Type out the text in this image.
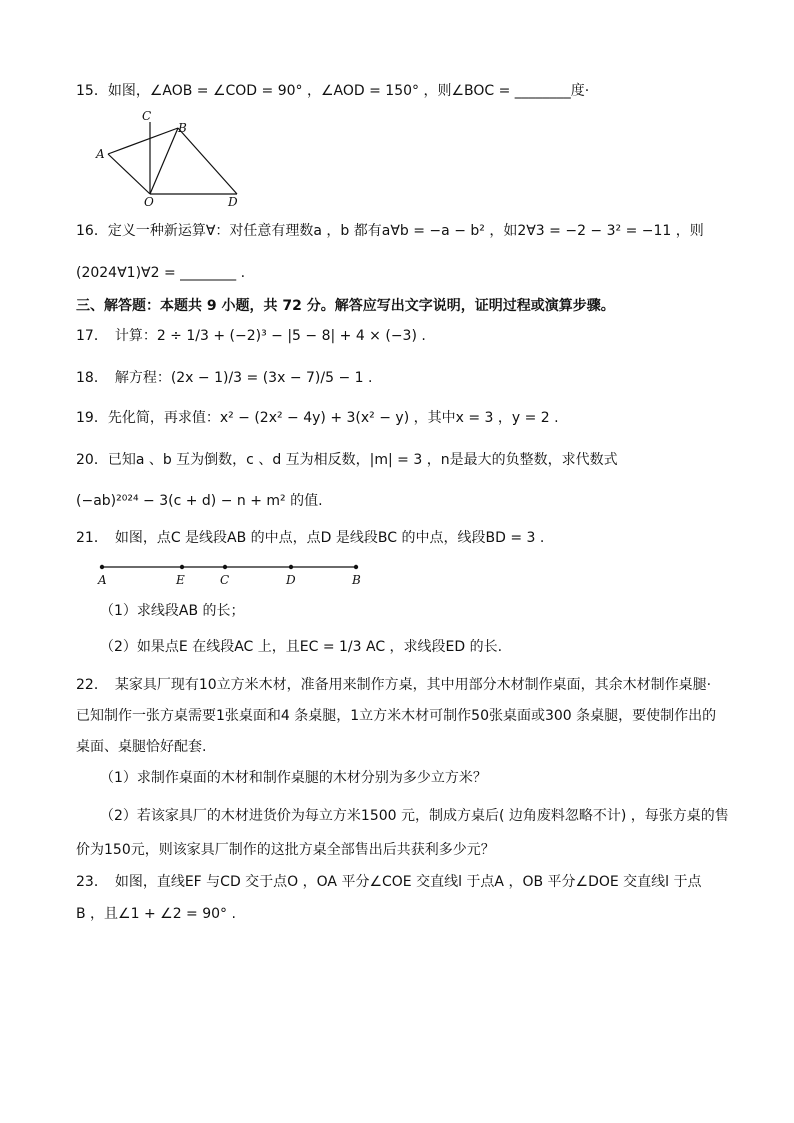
15．如图，∠AOB = ∠COD = 90° ，∠AOD = 150° ，则∠BOC = ________度·
C
B
A
O	D
16．定义一种新运算∀：对任意有理数a ，b 都有a∀b = −a − b² ，如2∀3 = −2 − 3² = −11 ，则
(2024∀1)∀2 = ________ .
三、解答题：本题共 9 小题，共 72 分。解答应写出文字说明，证明过程或演算步骤。
17．　计算：2 ÷ 1/3 + (−2)³ − |5 − 8| + 4 × (−3) .
18．　解方程：(2x − 1)/3 = (3x − 7)/5 − 1 .
19．先化简，再求值：x² − (2x² − 4y) + 3(x² − y) ，其中x = 3 ，y = 2 .
20．已知a 、b 互为倒数，c 、d 互为相反数，|m| = 3 ，n是最大的负整数，求代数式
(−ab)²⁰²⁴ − 3(c + d) − n + m² 的值.
21．　如图，点C 是线段AB 的中点，点D 是线段BC 的中点，线段BD = 3 .
A	E	C	D	B
（1）求线段AB 的长；
（2）如果点E 在线段AC 上，且EC = 1/3 AC ，求线段ED 的长.
22．　某家具厂现有10立方米木材，准备用来制作方桌，其中用部分木材制作桌面，其余木材制作桌腿·
已知制作一张方桌需要1张桌面和4 条桌腿，1立方米木材可制作50张桌面或300 条桌腿，要使制作出的
桌面、桌腿恰好配套.
（1）求制作桌面的木材和制作桌腿的木材分别为多少立方米？
（2）若该家具厂的木材进货价为每立方米1500 元，制成方桌后( 边角废料忽略不计) ，每张方桌的售
价为150元，则该家具厂制作的这批方桌全部售出后共获利多少元？
23．　如图，直线EF 与CD 交于点O ，OA 平分∠COE 交直线l 于点A ，OB 平分∠DOE 交直线l 于点
B ，且∠1 + ∠2 = 90° .
